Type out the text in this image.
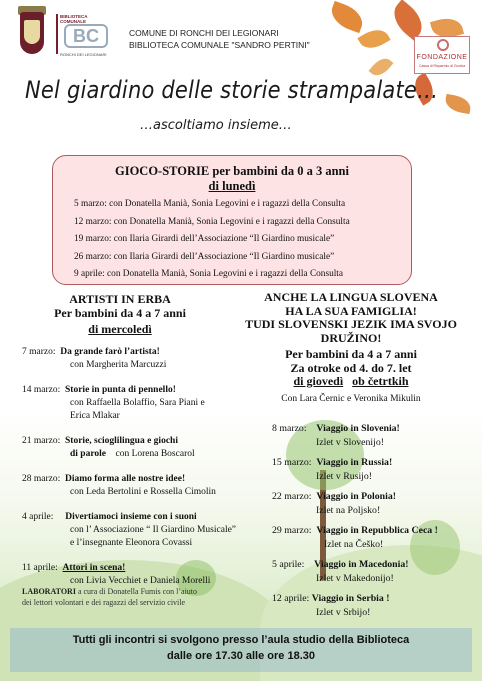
BIBLIOTECA COMUNALE
BC
RONCHI DEI LEGIONARI
COMUNE DI RONCHI DEI LEGIONARI
BIBLIOTECA COMUNALE "SANDRO PERTINI"
FONDAZIONE
Cassa di Risparmio di Gorizia
Nel giardino delle storie strampalate…
…ascoltiamo insieme…
GIOCO-STORIE per bambini da 0 a 3 anni
di lunedì
5 marzo: con Donatella Manià, Sonia Legovini e i ragazzi della Consulta
12 marzo: con Donatella Manià, Sonia Legovini e i ragazzi della Consulta
19 marzo: con Ilaria Girardi dell’Associazione “Il Giardino musicale”
26 marzo: con Ilaria Girardi dell’Associazione “Il Giardino musicale”
9 aprile: con Donatella Manià, Sonia Legovini e i ragazzi della Consulta
ARTISTI IN ERBA
Per bambini da 4 a 7 anni
di mercoledì
7 marzo: Da grande farò l’artista!
con Margherita Marcuzzi
14 marzo: Storie in punta di pennello!
con Raffaella Bolaffio, Sara Piani e
Erica Mlakar
21 marzo: Storie, scioglilingua e giochi
di parole con Lorena Boscarol
28 marzo: Diamo forma alle nostre idee!
con Leda Bertolini e Rossella Cimolin
4 aprile: Divertiamoci insieme con i suoni
con l’ Associazione “ Il Giardino Musicale”
e l’insegnante Eleonora Covassi
11 aprile: Attori in scena!
con Livia Vecchiet e Daniela Morelli
LABORATORI a cura di Donatella Fumis con l’aiuto
dei lettori volontari e dei ragazzi del servizio civile
ANCHE LA LINGUA SLOVENA
HA LA SUA FAMIGLIA!
TUDI SLOVENSKI JEZIK IMA SVOJO
DRUŽINO!
Per bambini da 4 a 7 anni
Za otroke od 4. do 7. let
di giovedì ob četrtkih
Con Lara Černic e Veronika Mikulin
8 marzo: Viaggio in Slovenia!
Izlet v Slovenijo!
15 marzo: Viaggio in Russia!
Izlet v Rusijo!
22 marzo: Viaggio in Polonia!
Izlet na Poljsko!
29 marzo: Viaggio in Repubblica Ceca !
Izlet na Češko!
5 aprile: Viaggio in Macedonia!
Izlet v Makedonijo!
12 aprile: Viaggio in Serbia !
Izlet v Srbijo!
Tutti gli incontri si svolgono presso l’aula studio della Biblioteca
dalle ore 17.30 alle ore 18.30
